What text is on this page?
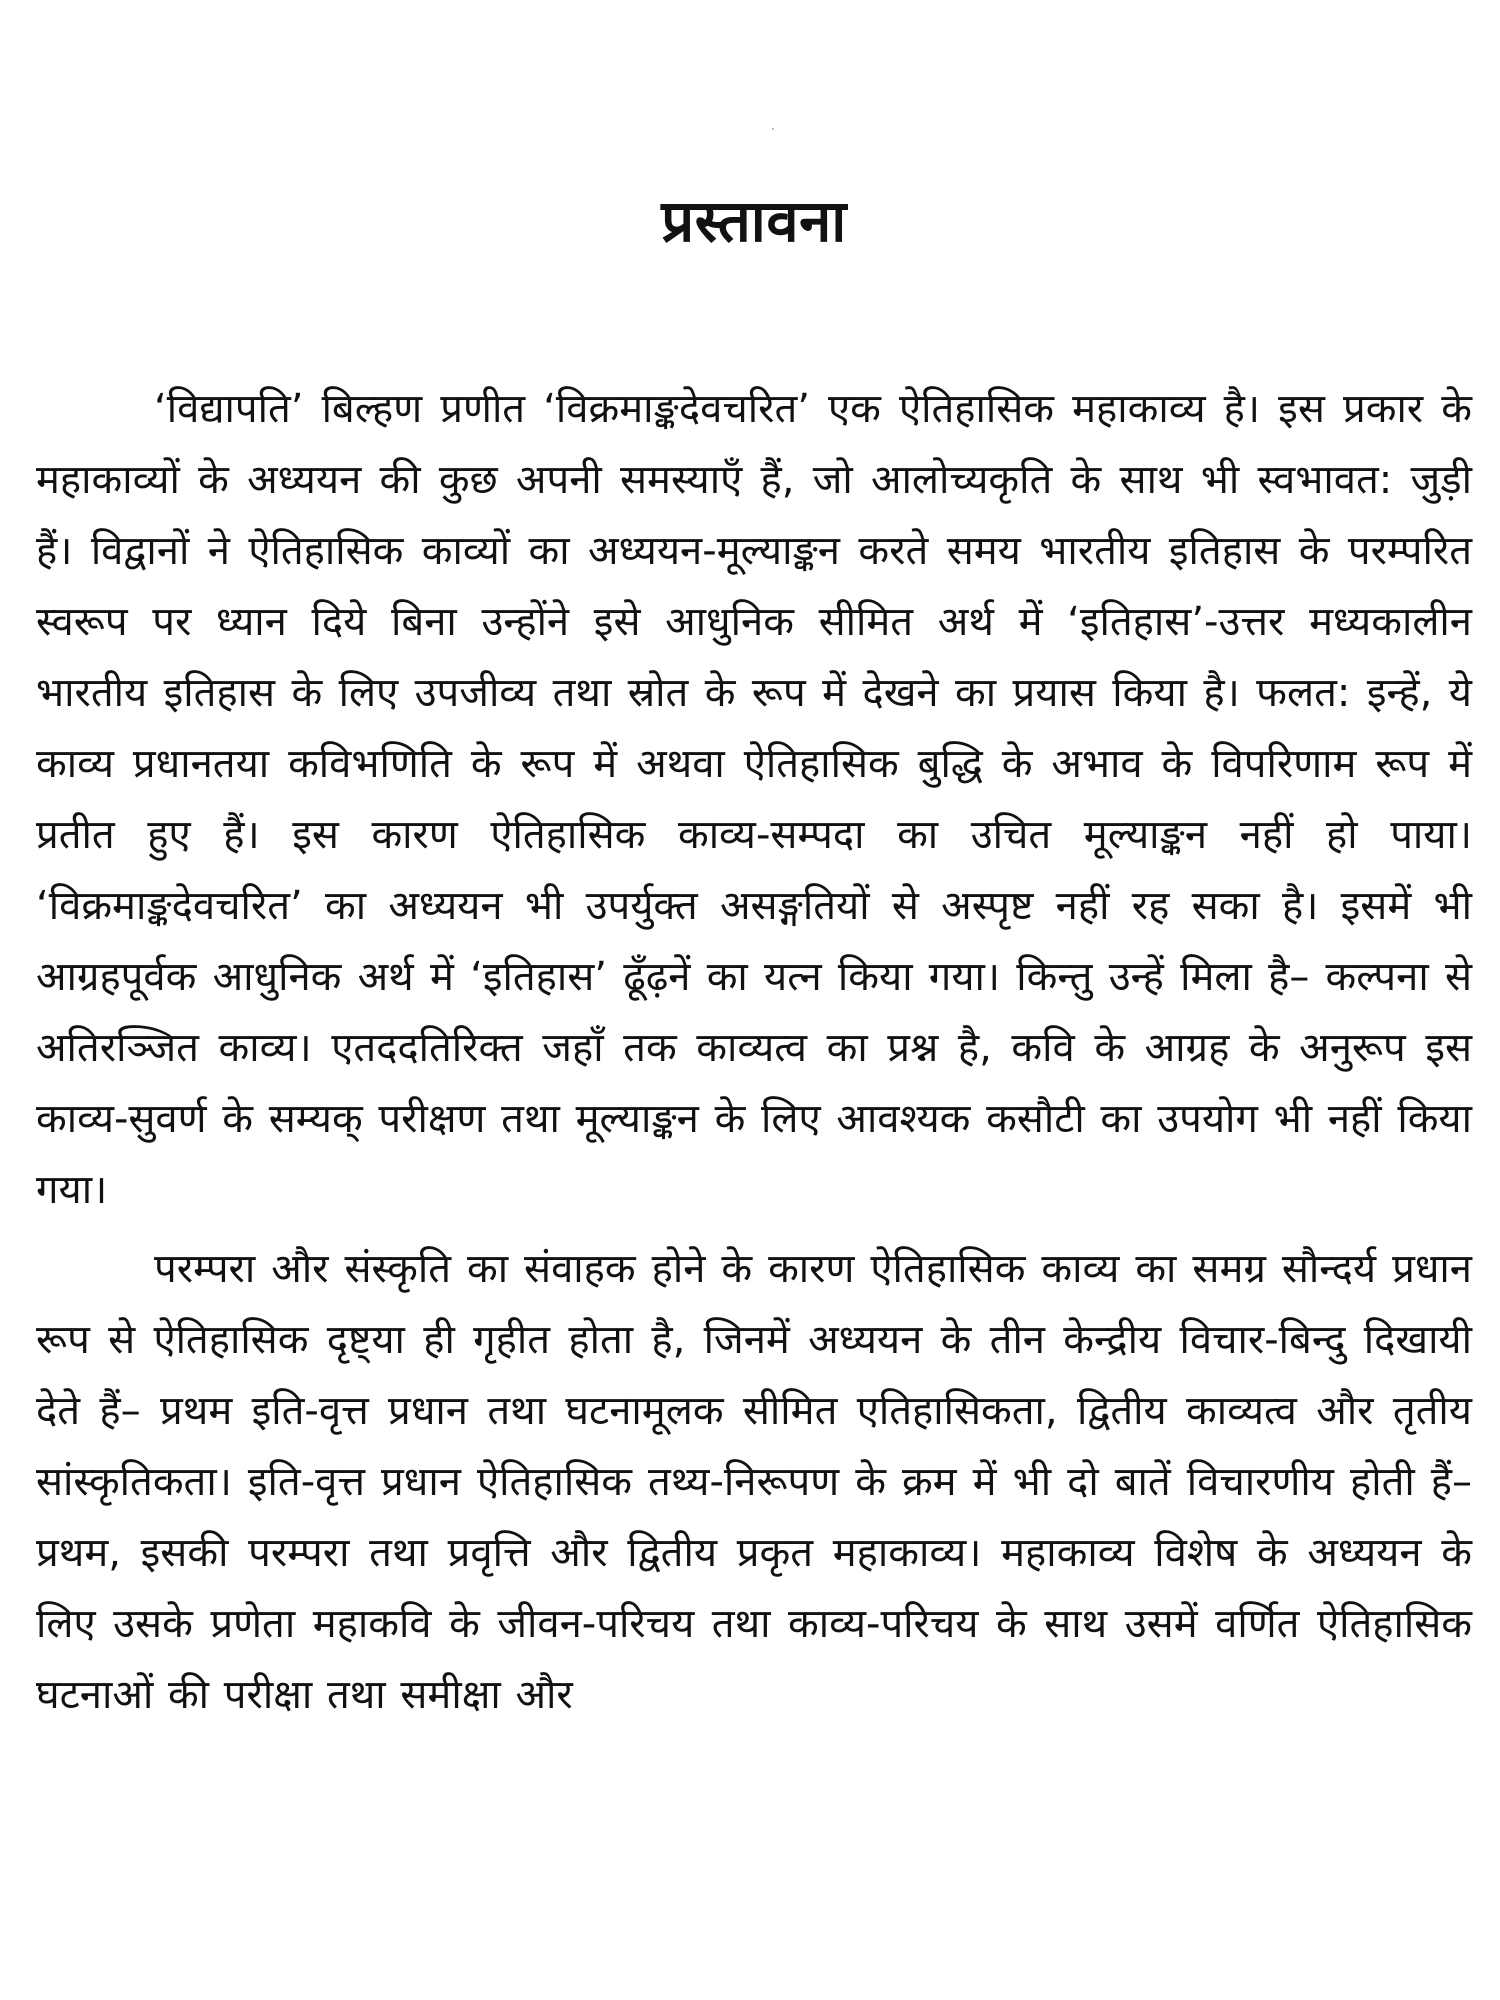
प्रस्तावना

‘विद्यापति’ बिल्हण प्रणीत ‘विक्रमाङ्कदेवचरित’ एक ऐतिहासिक महाकाव्य है। इस प्रकार के महाकाव्यों के अध्ययन की कुछ अपनी समस्याएँ हैं, जो आलोच्यकृति के साथ भी स्वभावत: जुड़ी हैं। विद्वानों ने ऐतिहासिक काव्यों का अध्ययन-मूल्याङ्कन करते समय भारतीय इतिहास के परम्परित स्वरूप पर ध्यान दिये बिना उन्होंने इसे आधुनिक सीमित अर्थ में ‘इतिहास’-उत्तर मध्यकालीन भारतीय इतिहास के लिए उपजीव्य तथा स्रोत के रूप में देखने का प्रयास किया है। फलत: इन्हें, ये काव्य प्रधानतया कविभणिति के रूप में अथवा ऐतिहासिक बुद्धि के अभाव के विपरिणाम रूप में प्रतीत हुए हैं। इस कारण ऐतिहासिक काव्य-सम्पदा का उचित मूल्याङ्कन नहीं हो पाया। ‘विक्रमाङ्कदेवचरित’ का अध्ययन भी उपर्युक्त असङ्गतियों से अस्पृष्ट नहीं रह सका है। इसमें भी आग्रहपूर्वक आधुनिक अर्थ में ‘इतिहास’ ढूँढ़नें का यत्न किया गया। किन्तु उन्हें मिला है– कल्पना से अतिरञ्जित काव्य। एतददतिरिक्त जहाँ तक काव्यत्व का प्रश्न है, कवि के आग्रह के अनुरूप इस काव्य-सुवर्ण के सम्यक् परीक्षण तथा मूल्याङ्कन के लिए आवश्यक कसौटी का उपयोग भी नहीं किया गया।

परम्परा और संस्कृति का संवाहक होने के कारण ऐतिहासिक काव्य का समग्र सौन्दर्य प्रधान रूप से ऐतिहासिक दृष्ट्या ही गृहीत होता है, जिनमें अध्ययन के तीन केन्द्रीय विचार-बिन्दु दिखायी देते हैं– प्रथम इति-वृत्त प्रधान तथा घटनामूलक सीमित एतिहासिकता, द्वितीय काव्यत्व और तृतीय सांस्कृतिकता। इति-वृत्त प्रधान ऐतिहासिक तथ्य-निरूपण के क्रम में भी दो बातें विचारणीय होती हैं– प्रथम, इसकी परम्परा तथा प्रवृत्ति और द्वितीय प्रकृत महाकाव्य। महाकाव्य विशेष के अध्ययन के लिए उसके प्रणेता महाकवि के जीवन-परिचय तथा काव्य-परिचय के साथ उसमें वर्णित ऐतिहासिक घटनाओं की परीक्षा तथा समीक्षा और
